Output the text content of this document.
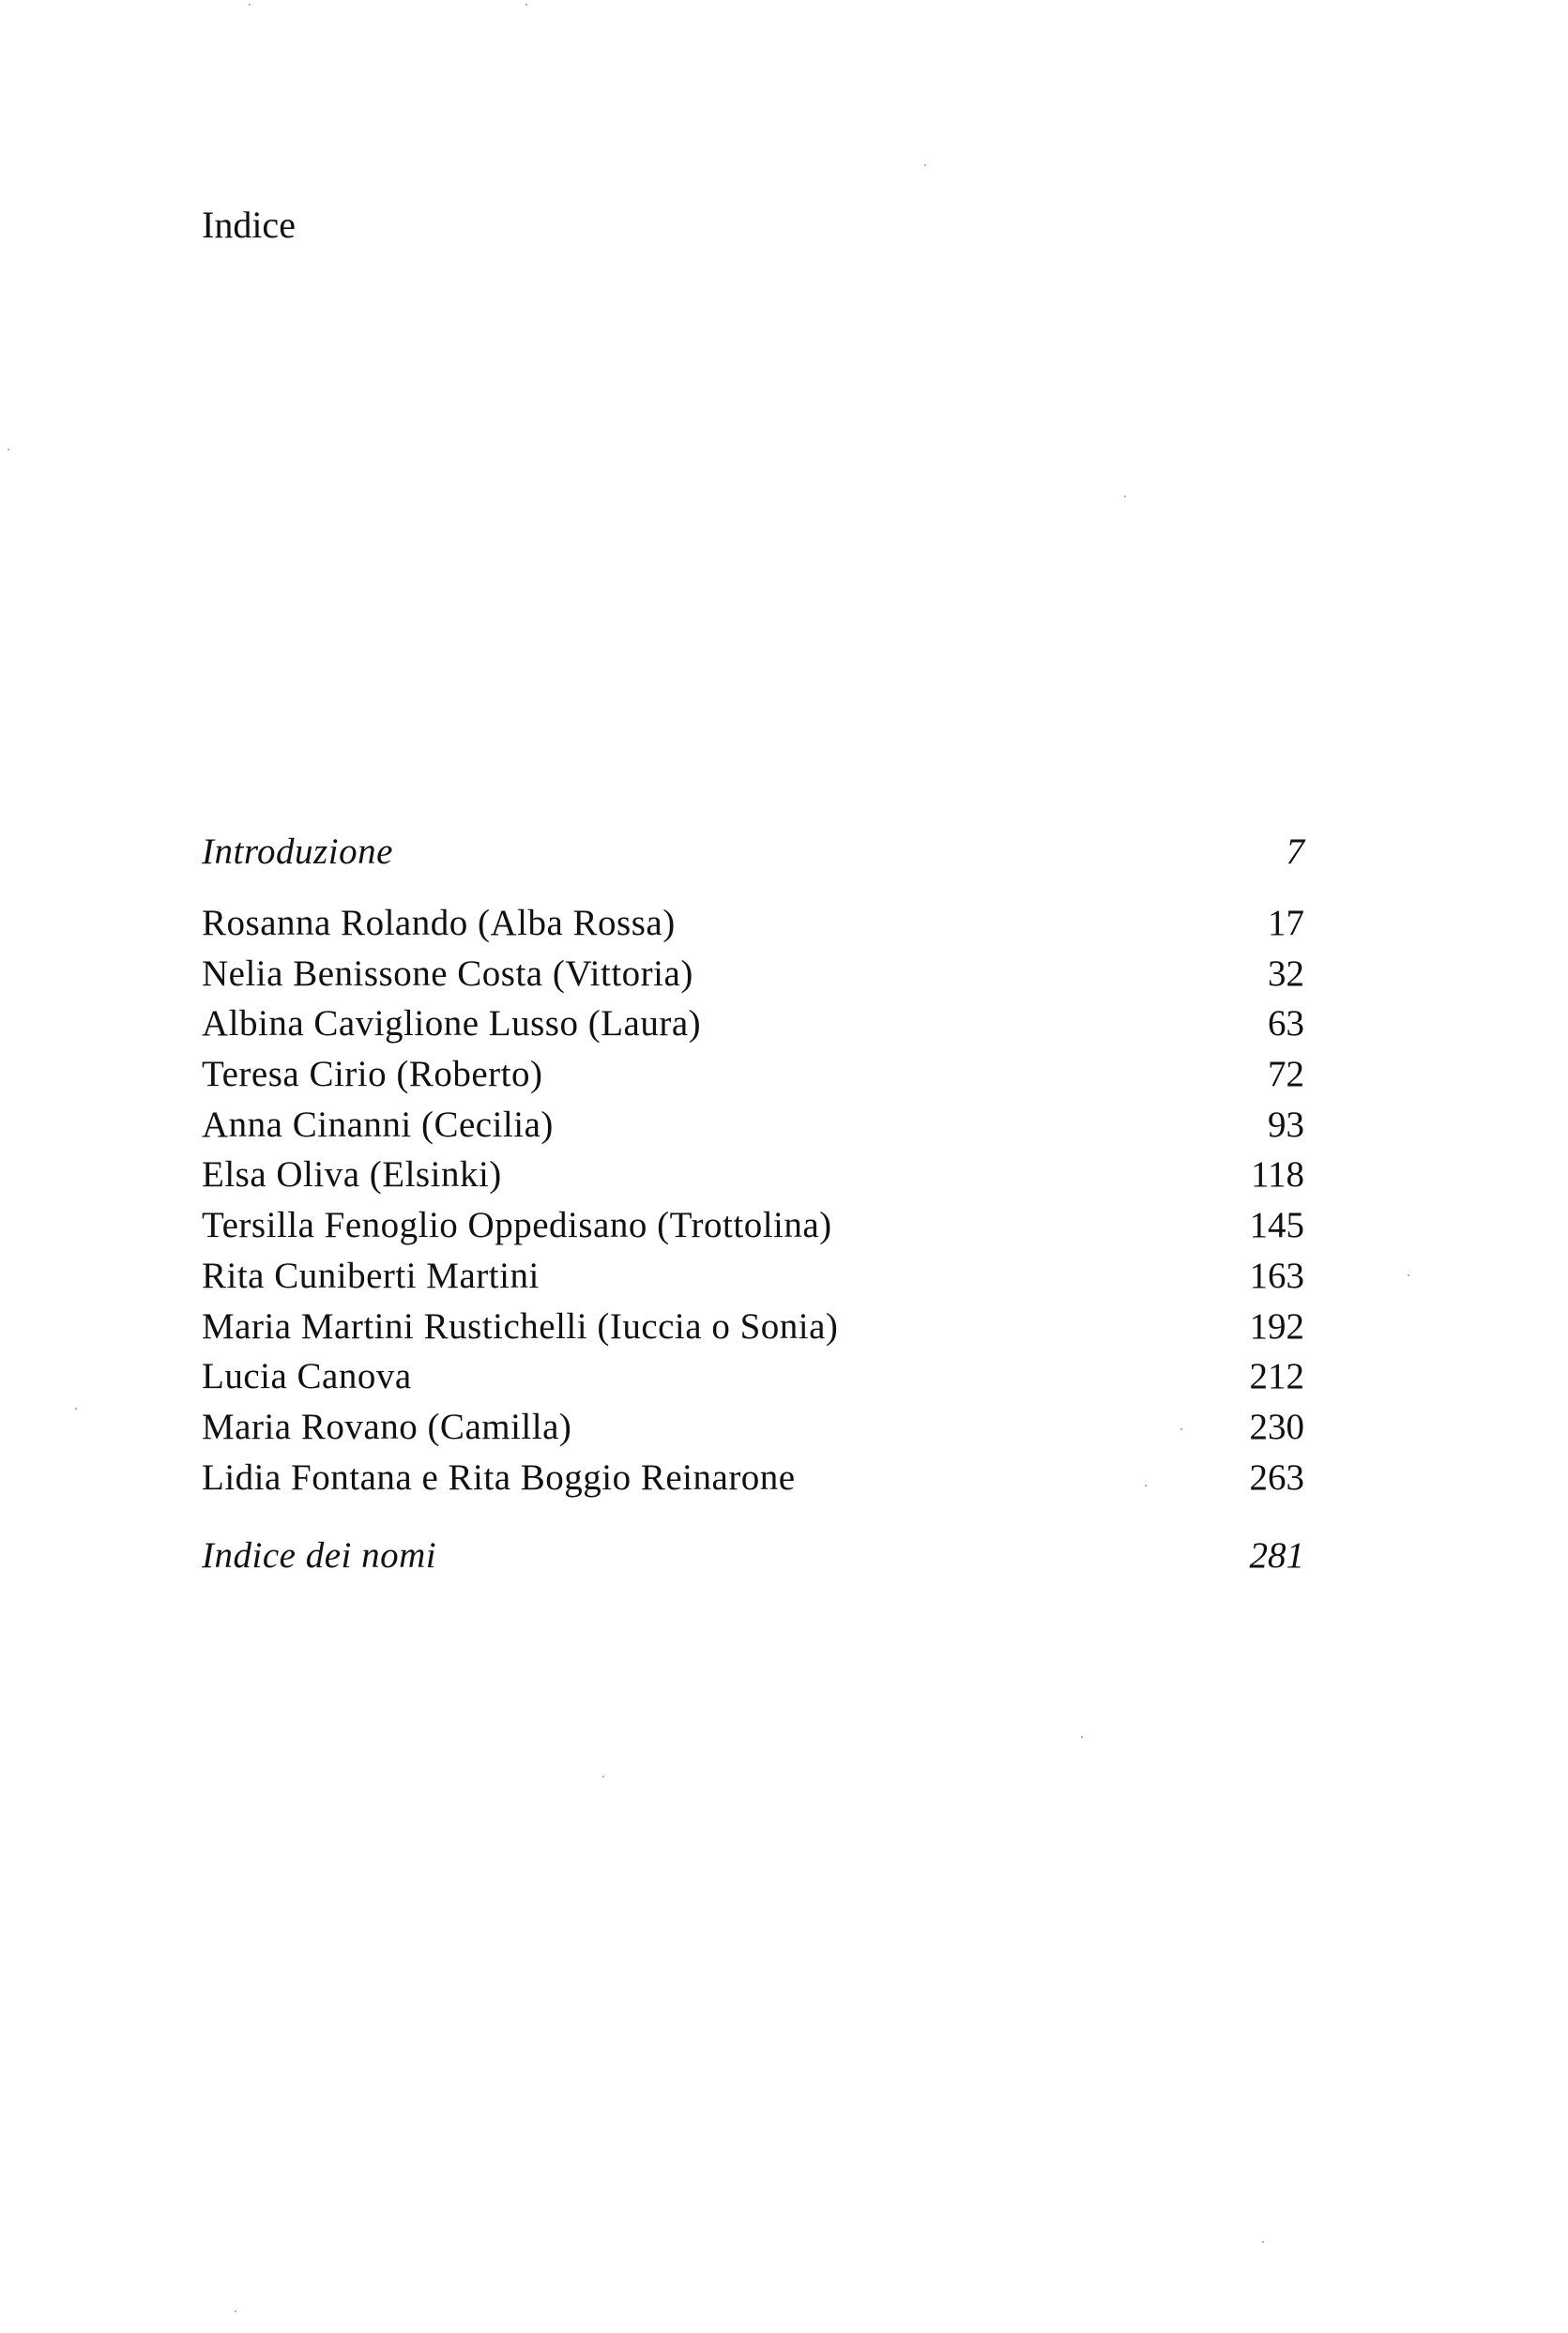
Indice
Introduzione	7
Rosanna Rolando (Alba Rossa)	17
Nelia Benissone Costa (Vittoria)	32
Albina Caviglione Lusso (Laura)	63
Teresa Cirio (Roberto)	72
Anna Cinanni (Cecilia)	93
Elsa Oliva (Elsinki)	118
Tersilla Fenoglio Oppedisano (Trottolina)	145
Rita Cuniberti Martini	163
Maria Martini Rustichelli (Iuccia o Sonia)	192
Lucia Canova	212
Maria Rovano (Camilla)	230
Lidia Fontana e Rita Boggio Reinarone	263
Indice dei nomi	281
